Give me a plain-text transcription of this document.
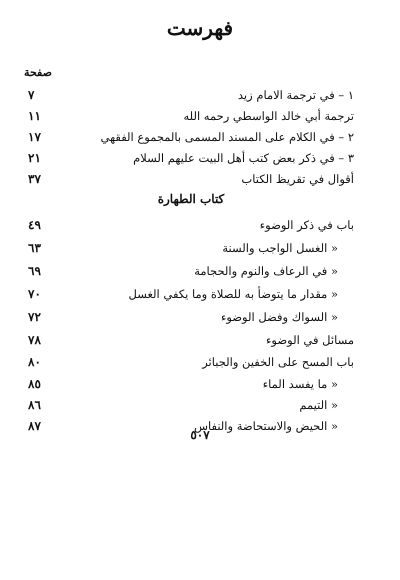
فهرست
صفحة
١ – في ترجمة الامام زيد
٧
ترجمة أبي خالد الواسطي رحمه الله
١١
٢ – في الكلام على المسند المسمى بالمجموع الفقهي
١٧
٣ – في ذكر بعض كتب أهل البيت عليهم السلام
٢١
أقوال في تقريظ الكتاب
٣٧
كتاب الطهارة
باب في ذكر الوضوء
٤٩
« الغسل الواجب والسنة
٦٣
« في الرعاف والنوم والحجامة
٦٩
« مقدار ما يتوضأ به للصلاة وما يكفي الغسل
٧٠
« السواك وفضل الوضوء
٧٢
مسائل في الوضوء
٧٨
باب المسح على الخفين والجبائر
٨٠
« ما يفسد الماء
٨٥
« التيمم
٨٦
« الحيض والاستحاضة والنفاس
٨٧
٥٠٧
